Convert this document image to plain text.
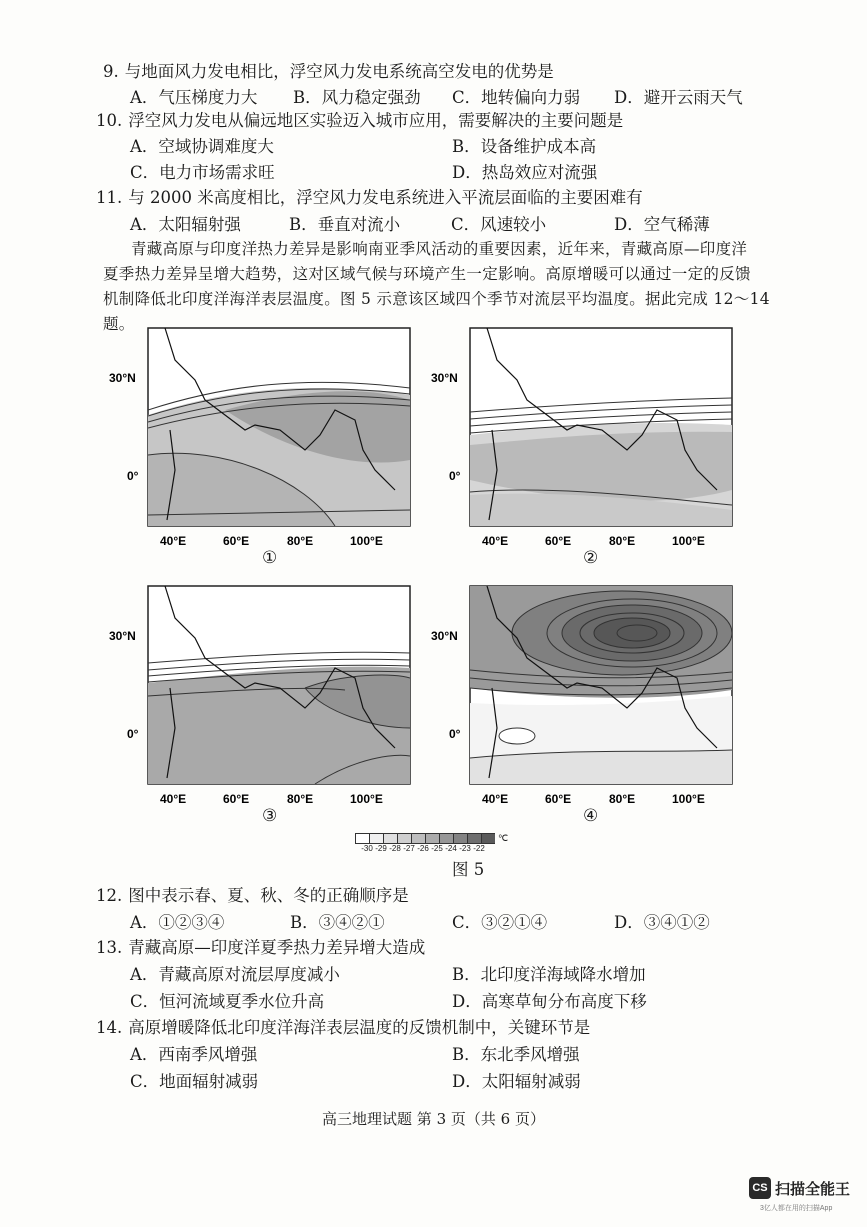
9. 与地面风力发电相比，浮空风力发电系统高空发电的优势是
A．气压梯度力大 B．风力稳定强劲 C．地转偏向力弱 D．避开云雨天气
10. 浮空风力发电从偏远地区实验迈入城市应用，需要解决的主要问题是
A．空域协调难度大	B．设备维护成本高
C．电力市场需求旺	D．热岛效应对流强
11. 与 2000 米高度相比，浮空风力发电系统进入平流层面临的主要困难有
A．太阳辐射强	B．垂直对流小	C．风速较小	D．空气稀薄

青藏高原与印度洋热力差异是影响南亚季风活动的重要因素，近年来，青藏高原—印度洋

夏季热力差异呈增大趋势，这对区域气候与环境产生一定影响。高原增暖可以通过一定的反馈

机制降低北印度洋海洋表层温度。图 5 示意该区域四个季节对流层平均温度。据此完成 12～14

题。

30°N
0°
40°E	60°E	80°E	100°E
①
30°N
0°
40°E	60°E	80°E	100°E
②
30°N
0°
40°E	60°E	80°E	100°E
③
30°N
0°
40°E	60°E	80°E	100°E
④
℃
-30 -29 -28 -27 -26 -25 -24 -23 -22
图 5
12. 图中表示春、夏、秋、冬的正确顺序是
A．①②③④	B．③④②①	C．③②①④	D．③④①②
13. 青藏高原—印度洋夏季热力差异增大造成
A．青藏高原对流层厚度减小	B．北印度洋海域降水增加
C．恒河流域夏季水位升高	D．高寒草甸分布高度下移
14. 高原增暖降低北印度洋海洋表层温度的反馈机制中，关键环节是
A．西南季风增强	B．东北季风增强
C．地面辐射减弱	D．太阳辐射减弱
高三地理试题 第 3 页（共 6 页）
CS 扫描全能王
3亿人都在用的扫描App
